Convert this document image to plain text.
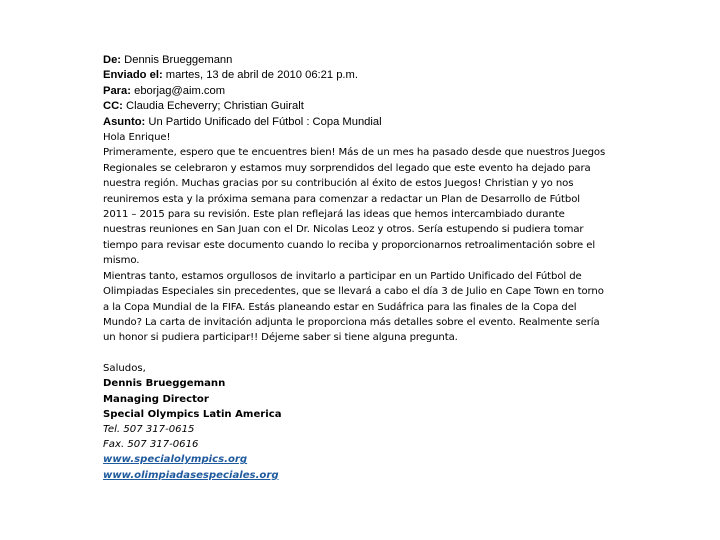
De: Dennis Brueggemann
Enviado el: martes, 13 de abril de 2010 06:21 p.m.
Para: eborjag@aim.com
CC: Claudia Echeverry; Christian Guiralt
Asunto: Un Partido Unificado del Fútbol : Copa Mundial

Hola Enrique!

Primeramente, espero que te encuentres bien! Más de un mes ha pasado desde que nuestros Juegos Regionales se celebraron y estamos muy sorprendidos del legado que este evento ha dejado para nuestra región. Muchas gracias por su contribución al éxito de estos Juegos! Christian y yo nos reuniremos esta y la próxima semana para comenzar a redactar un Plan de Desarrollo de Fútbol 2011 – 2015 para su revisión. Este plan reflejará las ideas que hemos intercambiado durante nuestras reuniones en San Juan con el Dr. Nicolas Leoz y otros. Sería estupendo si pudiera tomar tiempo para revisar este documento cuando lo reciba y proporcionarnos retroalimentación sobre el mismo.

Mientras tanto, estamos orgullosos de invitarlo a participar en un Partido Unificado del Fútbol de Olimpiadas Especiales sin precedentes, que se llevará a cabo el día 3 de Julio en Cape Town en torno a la Copa Mundial de la FIFA. Estás planeando estar en Sudáfrica para las finales de la Copa del Mundo? La carta de invitación adjunta le proporciona más detalles sobre el evento. Realmente sería un honor si pudiera participar!! Déjeme saber si tiene alguna pregunta.

Saludos,
Dennis Brueggemann
Managing Director
Special Olympics Latin America
Tel. 507 317-0615
Fax. 507 317-0616
www.specialolympics.org
www.olimpiadasespeciales.org
